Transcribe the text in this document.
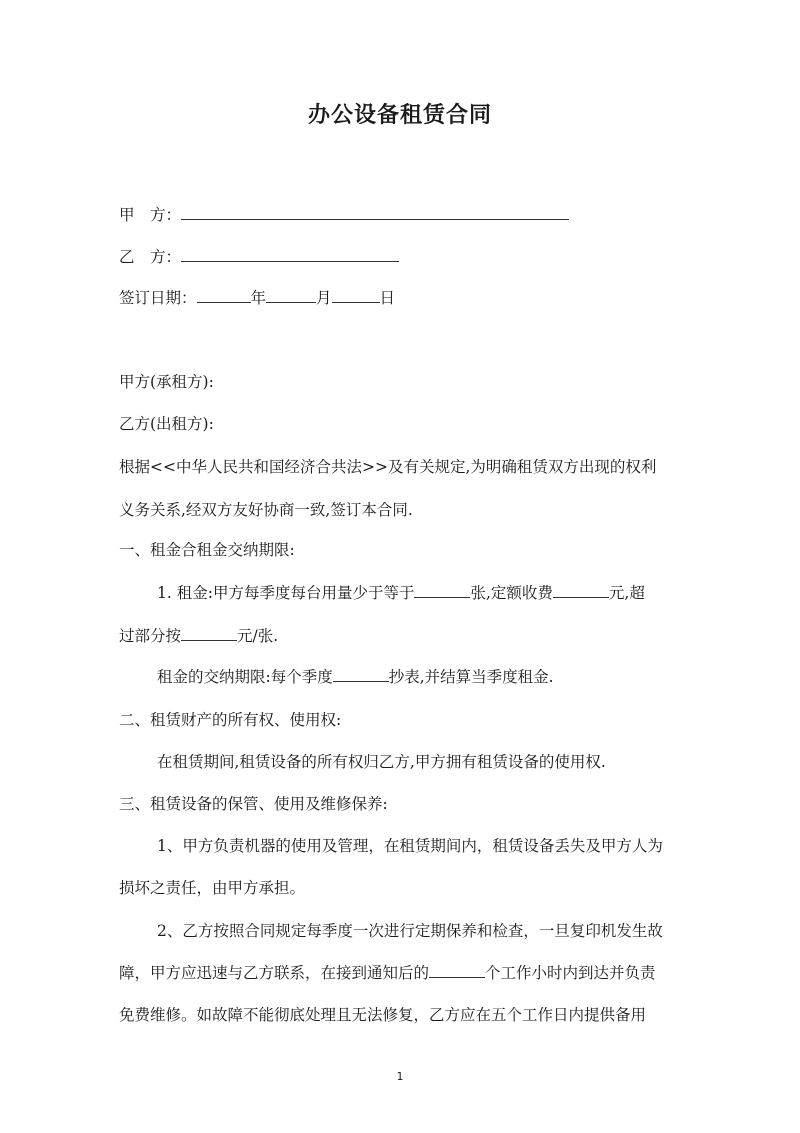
办公设备租赁合同
甲　方：
乙　方：
签订日期：	年	月	日
甲方(承租方):
乙方(出租方):
根据<<中华人民共和国经济合共法>>及有关规定,为明确租赁双方出现的权利
义务关系,经双方友好协商一致,签订本合同.
一、租金合租金交纳期限:
1. 租金:甲方每季度每台用量少于等于	张,定额收费	元,超
过部分按	元/张.
租金的交纳期限:每个季度	抄表,并结算当季度租金.
二、租赁财产的所有权、使用权:
在租赁期间,租赁设备的所有权归乙方,甲方拥有租赁设备的使用权.
三、租赁设备的保管、使用及维修保养:
1、甲方负责机器的使用及管理，在租赁期间内，租赁设备丢失及甲方人为
损坏之责任，由甲方承担。
2、乙方按照合同规定每季度一次进行定期保养和检查，一旦复印机发生故
障，甲方应迅速与乙方联系，在接到通知后的	个工作小时内到达并负责
免费维修。如故障不能彻底处理且无法修复，乙方应在五个工作日内提供备用
1
